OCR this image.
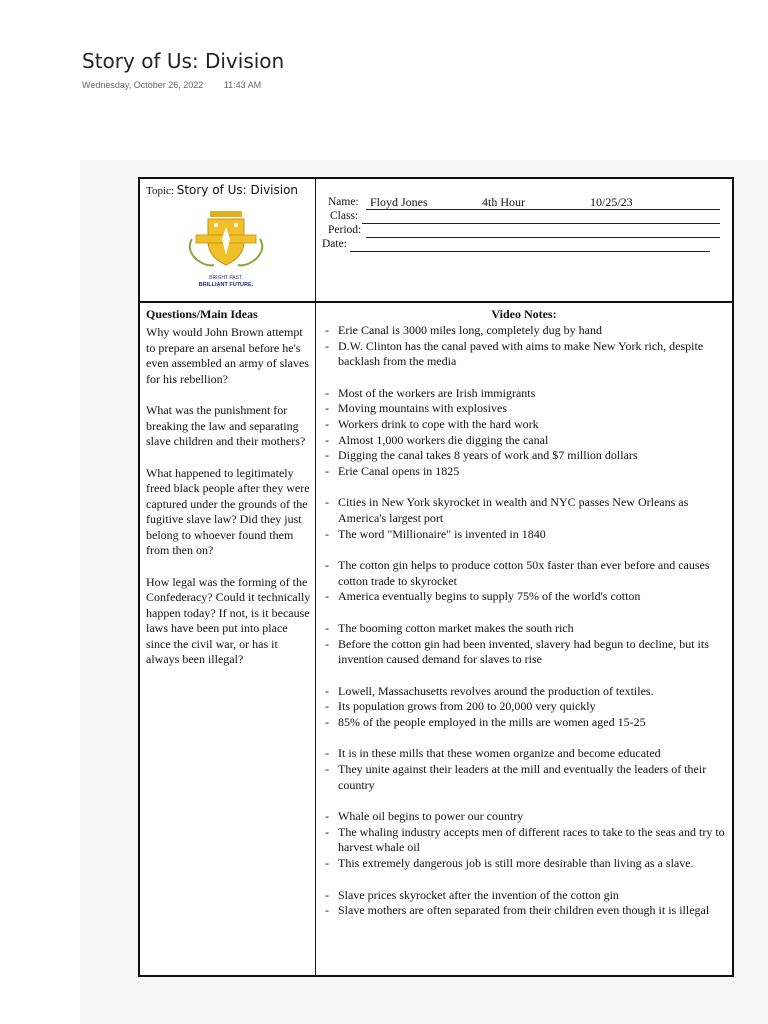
Story of Us: Division
Wednesday, October 26, 2022 11:43 AM
Topic: Story of Us: Division
BRIGHT PAST.
BRILLIANT FUTURE.
Name: Floyd Jones	4th Hour	10/25/23
Class:
Period:
Date:
Questions/Main Ideas

Why would John Brown attempt to prepare an arsenal before he's even assembled an army of slaves for his rebellion?

What was the punishment for breaking the law and separating slave children and their mothers?

What happened to legitimately freed black people after they were captured under the grounds of the fugitive slave law? Did they just belong to whoever found them from then on?

How legal was the forming of the Confederacy? Could it technically happen today? If not, is it because laws have been put into place since the civil war, or has it always been illegal?

Video Notes:
- Erie Canal is 3000 miles long, completely dug by hand
- D.W. Clinton has the canal paved with aims to make New York rich, despite backlash from the media
- Most of the workers are Irish immigrants
- Moving mountains with explosives
- Workers drink to cope with the hard work
- Almost 1,000 workers die digging the canal
- Digging the canal takes 8 years of work and $7 million dollars
- Erie Canal opens in 1825
- Cities in New York skyrocket in wealth and NYC passes New Orleans as America's largest port
- The word "Millionaire" is invented in 1840
- The cotton gin helps to produce cotton 50x faster than ever before and causes cotton trade to skyrocket
- America eventually begins to supply 75% of the world's cotton
- The booming cotton market makes the south rich
- Before the cotton gin had been invented, slavery had begun to decline, but its invention caused demand for slaves to rise
- Lowell, Massachusetts revolves around the production of textiles.
- Its population grows from 200 to 20,000 very quickly
- 85% of the people employed in the mills are women aged 15-25
- It is in these mills that these women organize and become educated
- They unite against their leaders at the mill and eventually the leaders of their country
- Whale oil begins to power our country
- The whaling industry accepts men of different races to take to the seas and try to harvest whale oil
- This extremely dangerous job is still more desirable than living as a slave.
- Slave prices skyrocket after the invention of the cotton gin
- Slave mothers are often separated from their children even though it is illegal
